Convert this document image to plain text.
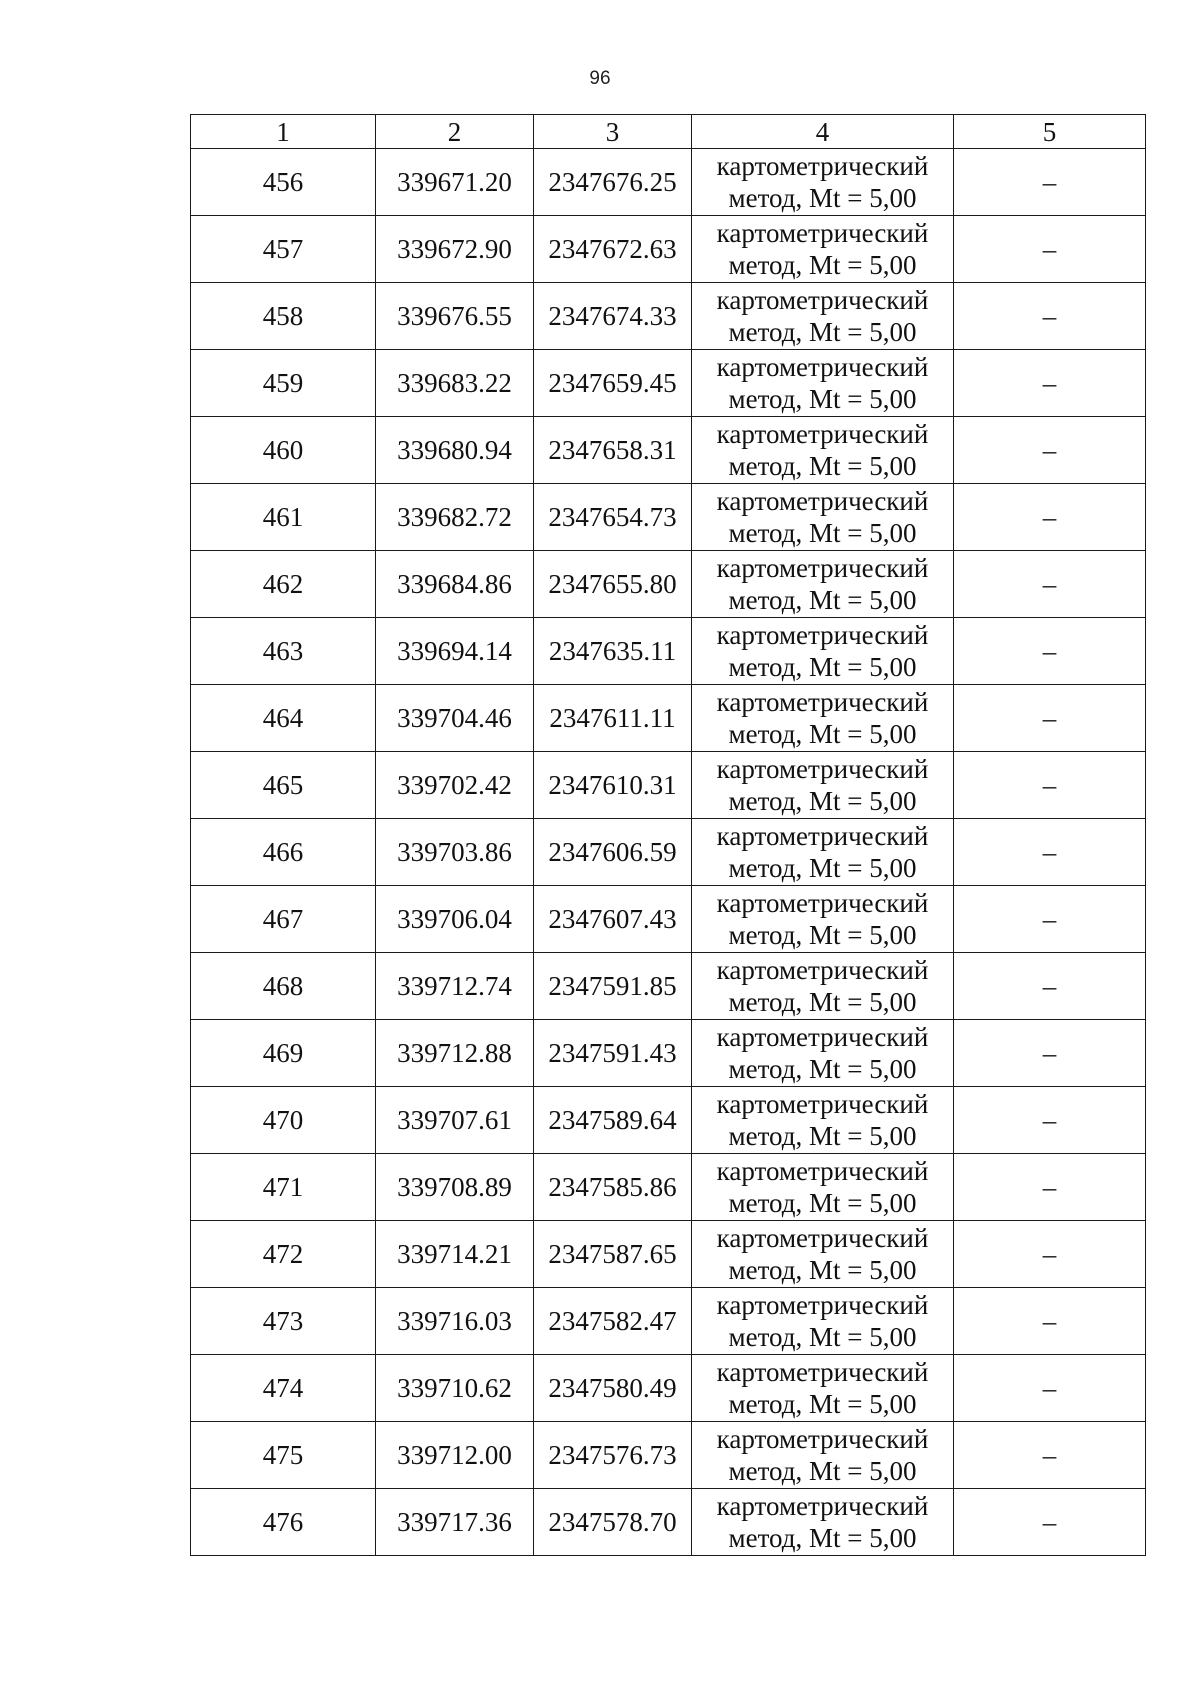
96
1	2	3	4	5
456	339671.20	2347676.25	картометрический
метод, Mt = 5,00	–
457	339672.90	2347672.63	картометрический
метод, Mt = 5,00	–
458	339676.55	2347674.33	картометрический
метод, Mt = 5,00	–
459	339683.22	2347659.45	картометрический
метод, Mt = 5,00	–
460	339680.94	2347658.31	картометрический
метод, Mt = 5,00	–
461	339682.72	2347654.73	картометрический
метод, Mt = 5,00	–
462	339684.86	2347655.80	картометрический
метод, Mt = 5,00	–
463	339694.14	2347635.11	картометрический
метод, Mt = 5,00	–
464	339704.46	2347611.11	картометрический
метод, Mt = 5,00	–
465	339702.42	2347610.31	картометрический
метод, Mt = 5,00	–
466	339703.86	2347606.59	картометрический
метод, Mt = 5,00	–
467	339706.04	2347607.43	картометрический
метод, Mt = 5,00	–
468	339712.74	2347591.85	картометрический
метод, Mt = 5,00	–
469	339712.88	2347591.43	картометрический
метод, Mt = 5,00	–
470	339707.61	2347589.64	картометрический
метод, Mt = 5,00	–
471	339708.89	2347585.86	картометрический
метод, Mt = 5,00	–
472	339714.21	2347587.65	картометрический
метод, Mt = 5,00	–
473	339716.03	2347582.47	картометрический
метод, Mt = 5,00	–
474	339710.62	2347580.49	картометрический
метод, Mt = 5,00	–
475	339712.00	2347576.73	картометрический
метод, Mt = 5,00	–
476	339717.36	2347578.70	картометрический
метод, Mt = 5,00	–
